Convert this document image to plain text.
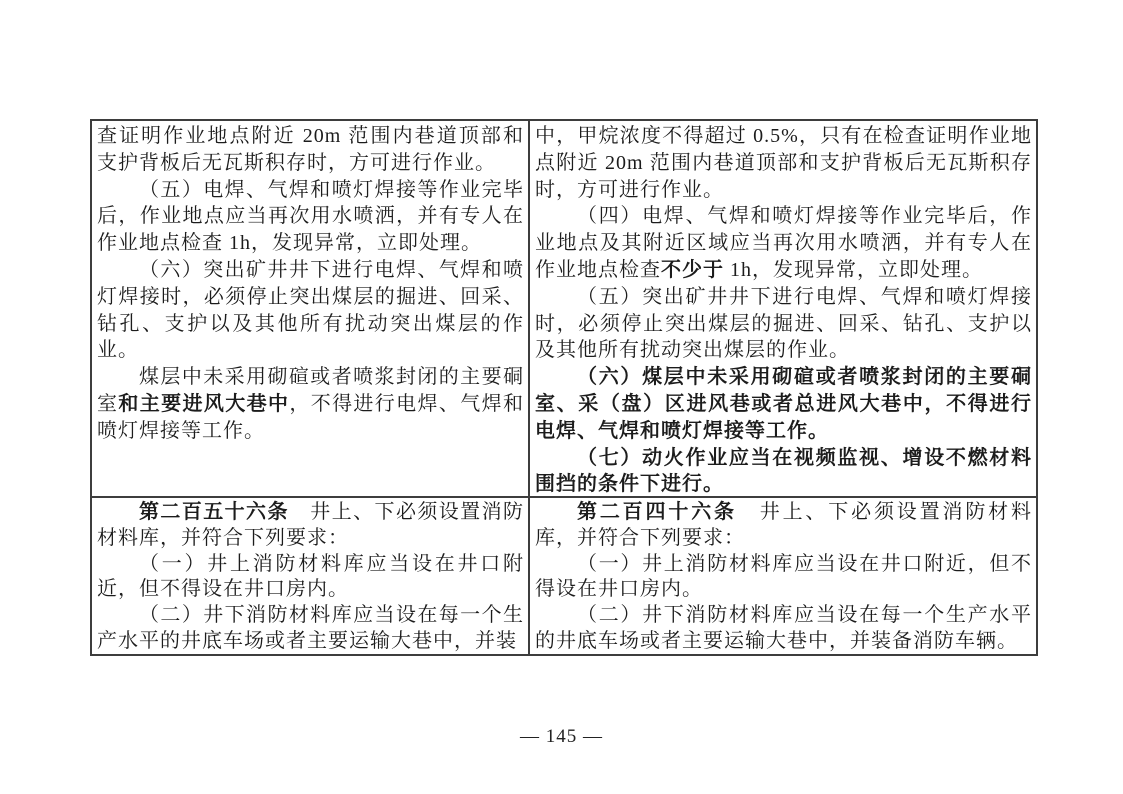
查证明作业地点附近 20m 范围内巷道顶部和支护背板后无瓦斯积存时，方可进行作业。
（五）电焊、气焊和喷灯焊接等作业完毕后，作业地点应当再次用水喷洒，并有专人在作业地点检查 1h，发现异常，立即处理。
（六）突出矿井井下进行电焊、气焊和喷灯焊接时，必须停止突出煤层的掘进、回采、钻孔、支护以及其他所有扰动突出煤层的作业。
煤层中未采用砌碹或者喷浆封闭的主要硐室和主要进风大巷中，不得进行电焊、气焊和喷灯焊接等工作。
中，甲烷浓度不得超过 0.5%，只有在检查证明作业地点附近 20m 范围内巷道顶部和支护背板后无瓦斯积存时，方可进行作业。
（四）电焊、气焊和喷灯焊接等作业完毕后，作业地点及其附近区域应当再次用水喷洒，并有专人在作业地点检查不少于 1h，发现异常，立即处理。
（五）突出矿井井下进行电焊、气焊和喷灯焊接时，必须停止突出煤层的掘进、回采、钻孔、支护以及其他所有扰动突出煤层的作业。
（六）煤层中未采用砌碹或者喷浆封闭的主要硐室、采（盘）区进风巷或者总进风大巷中，不得进行电焊、气焊和喷灯焊接等工作。
（七）动火作业应当在视频监视、增设不燃材料围挡的条件下进行。
第二百五十六条　井上、下必须设置消防材料库，并符合下列要求：
（一）井上消防材料库应当设在井口附近，但不得设在井口房内。
（二）井下消防材料库应当设在每一个生产水平的井底车场或者主要运输大巷中，并装
第二百四十六条　井上、下必须设置消防材料库，并符合下列要求：
（一）井上消防材料库应当设在井口附近，但不得设在井口房内。
（二）井下消防材料库应当设在每一个生产水平的井底车场或者主要运输大巷中，并装备消防车辆。
— 145 —
